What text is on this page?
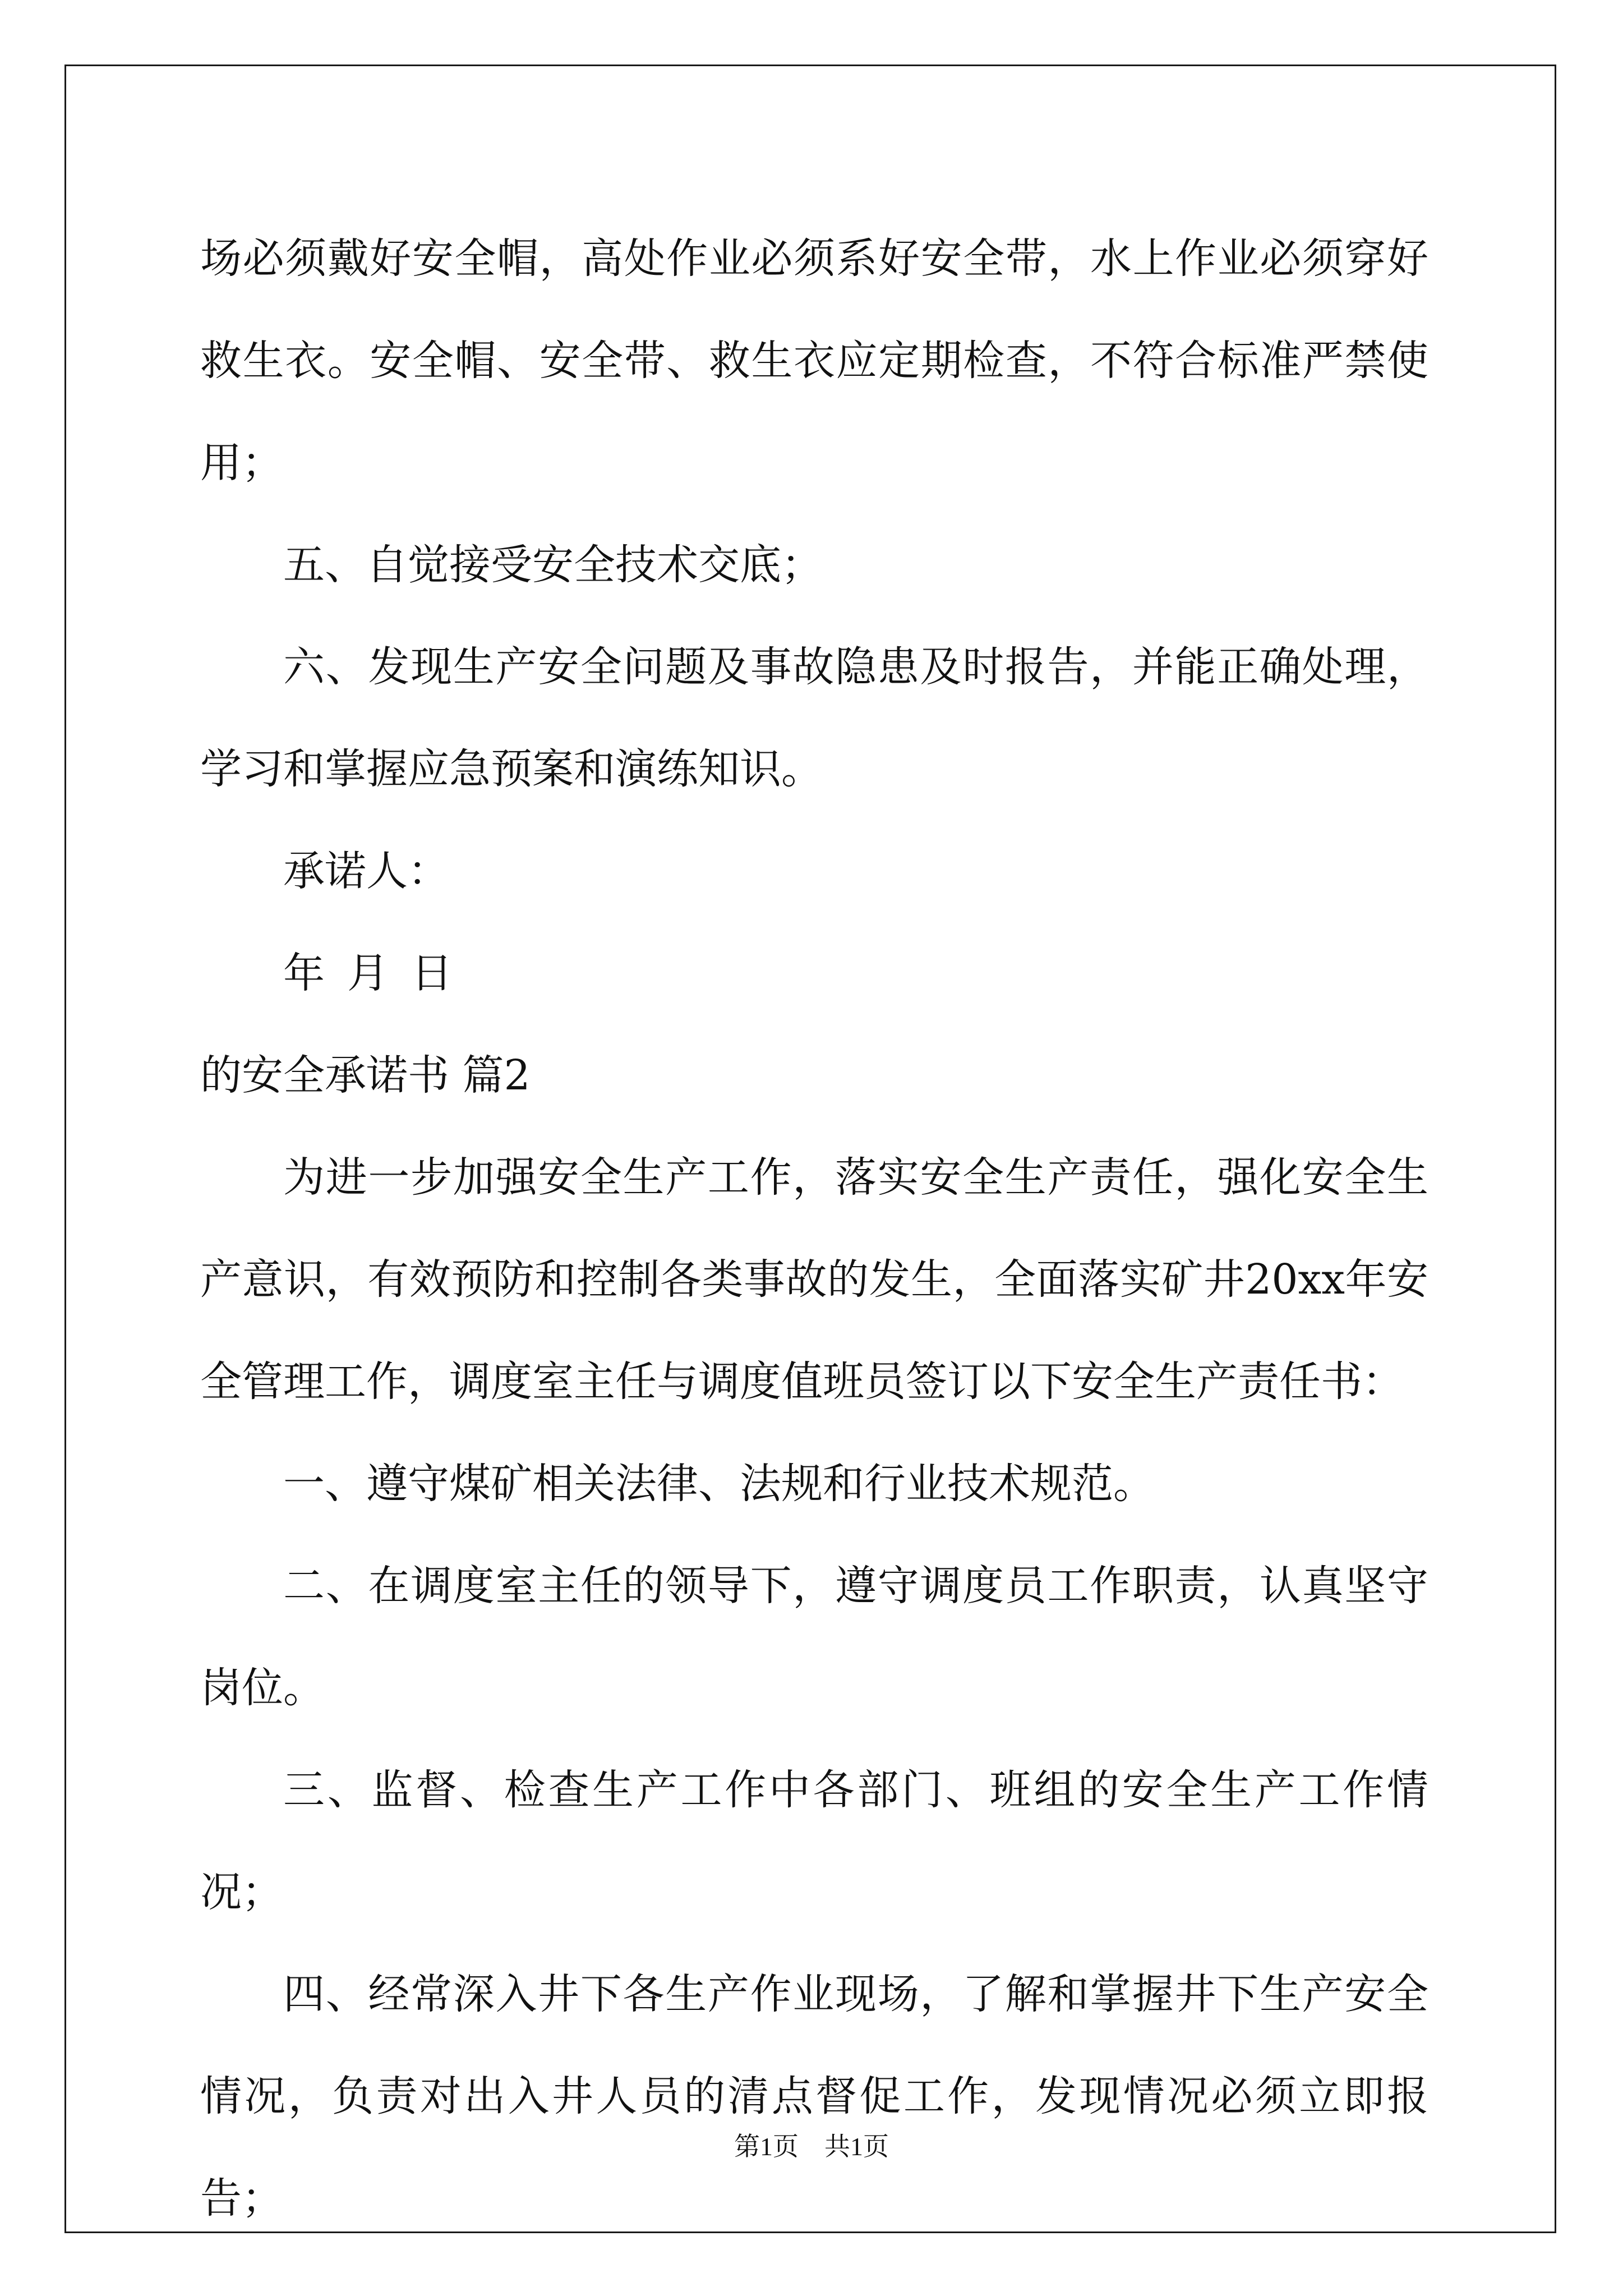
场必须戴好安全帽，高处作业必须系好安全带，水上作业必须穿好救生衣。安全帽、安全带、救生衣应定期检查，不符合标准严禁使用；

五、自觉接受安全技术交底；

六、发现生产安全问题及事故隐患及时报告，并能正确处理，学习和掌握应急预案和演练知识。

承诺人：

年 月 日

的安全承诺书 篇2

为进一步加强安全生产工作，落实安全生产责任，强化安全生产意识，有效预防和控制各类事故的发生，全面落实矿井20xx年安全管理工作，调度室主任与调度值班员签订以下安全生产责任书：

一、遵守煤矿相关法律、法规和行业技术规范。

二、在调度室主任的领导下，遵守调度员工作职责，认真坚守岗位。

三、监督、检查生产工作中各部门、班组的安全生产工作情况；

四、经常深入井下各生产作业现场，了解和掌握井下生产安全情况，负责对出入井人员的清点督促工作，发现情况必须立即报告；

第1页　共1页
